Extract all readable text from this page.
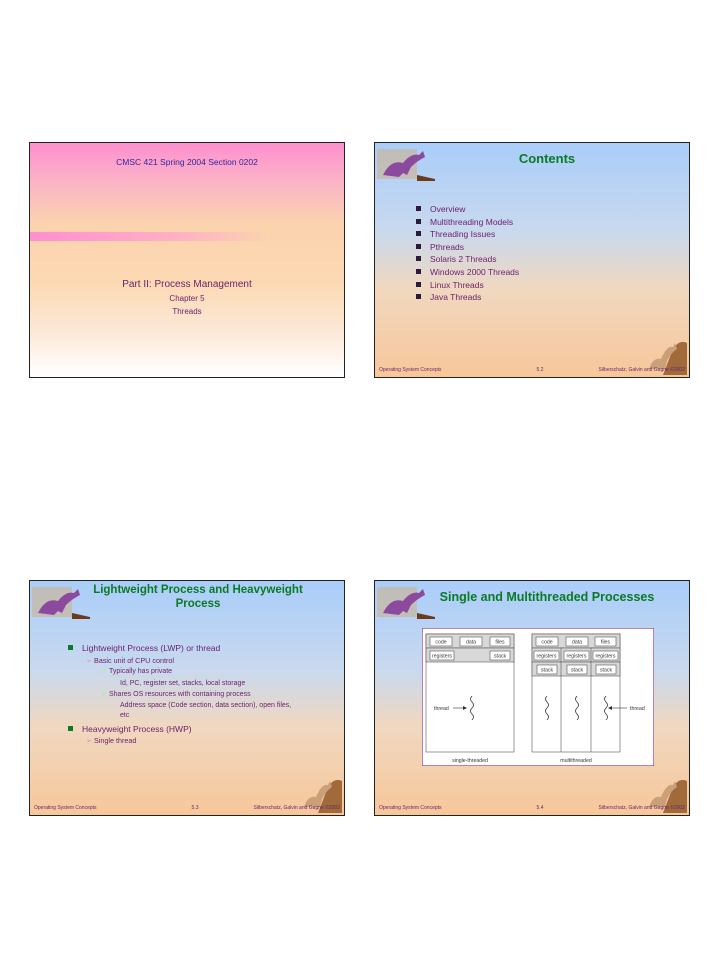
CMSC 421 Spring 2004 Section 0202
Part II: Process Management
Chapter 5
Threads
Contents
Overview
Multithreading Models
Threading Issues
Pthreads
Solaris 2 Threads
Windows 2000 Threads
Linux Threads
Java Threads
Operating System Concepts	5.2	Silberschatz, Galvin and Gagne ©2002
Lightweight Process and Heavyweight Process
Lightweight Process (LWP) or thread
➢ Basic unit of CPU control
Typically has private
Id, PC, register set, stacks, local storage
Shares OS resources with containing process
Address space (Code section, data section), open files, etc
Heavyweight Process (HWP)
➢ Single thread
Operating System Concepts	5.3	Silberschatz, Galvin and Gagne ©2002
Single and Multithreaded Processes
code	data	files
registers	stack
thread
single-threaded
code	data	files
registers registers registers
stack	stack	stack
thread
multithreaded
Operating System Concepts	5.4	Silberschatz, Galvin and Gagne ©2002
